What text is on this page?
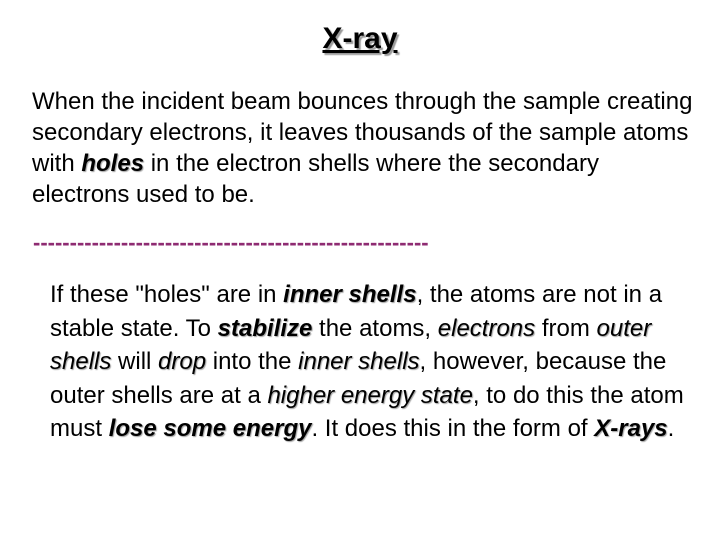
X-ray

When the incident beam bounces through the sample creating secondary electrons, it leaves thousands of the sample atoms with holes in the electron shells where the secondary electrons used to be.

------------------------------------------------------

If these "holes" are in inner shells, the atoms are not in a stable state. To stabilize the atoms, electrons from outer shells will drop into the inner shells, however, because the outer shells are at a higher energy state, to do this the atom must lose some energy. It does this in the form of X-rays.
